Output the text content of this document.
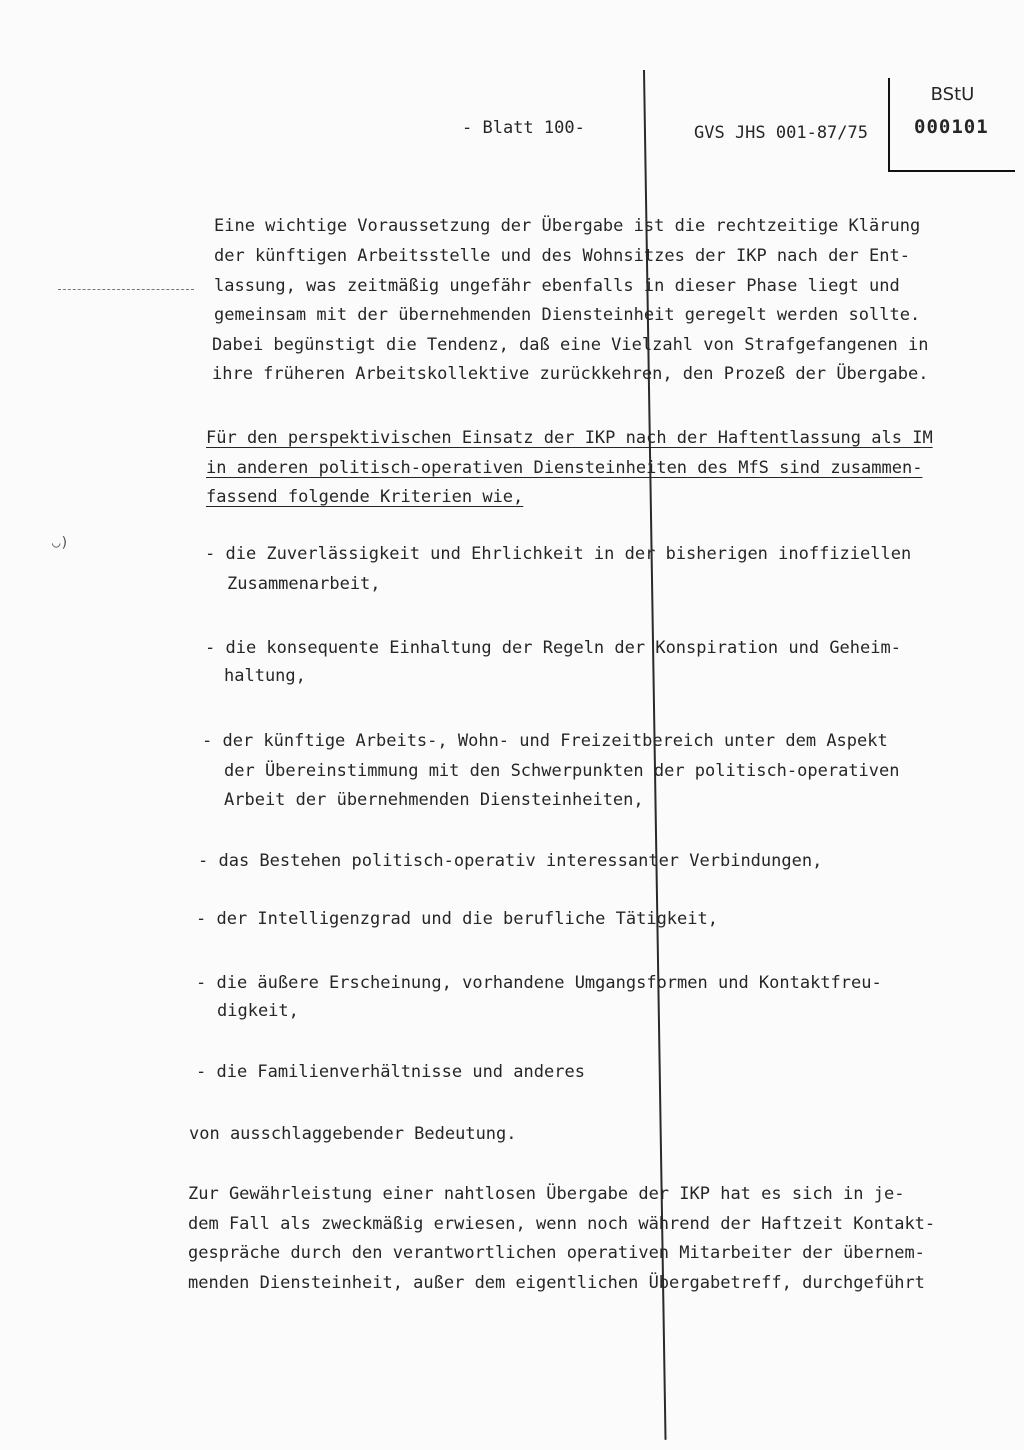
- Blatt 100-	GVS JHS 001-87/75
BStU
000101
◡)
Eine wichtige Voraussetzung der Übergabe ist die rechtzeitige Klärung
der künftigen Arbeitsstelle und des Wohnsitzes der IKP nach der Ent-
lassung, was zeitmäßig ungefähr ebenfalls in dieser Phase liegt und
gemeinsam mit der übernehmenden Diensteinheit geregelt werden sollte.
Dabei begünstigt die Tendenz, daß eine Vielzahl von Strafgefangenen in
ihre früheren Arbeitskollektive zurückkehren, den Prozeß der Übergabe.
Für den perspektivischen Einsatz der IKP nach der Haftentlassung als IM
in anderen politisch-operativen Diensteinheiten des MfS sind zusammen-
fassend folgende Kriterien wie,
- die Zuverlässigkeit und Ehrlichkeit in der bisherigen inoffiziellen
Zusammenarbeit,
- die konsequente Einhaltung der Regeln der Konspiration und Geheim-
haltung,
- der künftige Arbeits-, Wohn- und Freizeitbereich unter dem Aspekt
der Übereinstimmung mit den Schwerpunkten der politisch-operativen
Arbeit der übernehmenden Diensteinheiten,
- das Bestehen politisch-operativ interessanter Verbindungen,
- der Intelligenzgrad und die berufliche Tätigkeit,
- die äußere Erscheinung, vorhandene Umgangsformen und Kontaktfreu-
digkeit,
- die Familienverhältnisse und anderes
von ausschlaggebender Bedeutung.
Zur Gewährleistung einer nahtlosen Übergabe der IKP hat es sich in je-
dem Fall als zweckmäßig erwiesen, wenn noch während der Haftzeit Kontakt-
gespräche durch den verantwortlichen operativen Mitarbeiter der übernem-
menden Diensteinheit, außer dem eigentlichen Übergabetreff, durchgeführt
